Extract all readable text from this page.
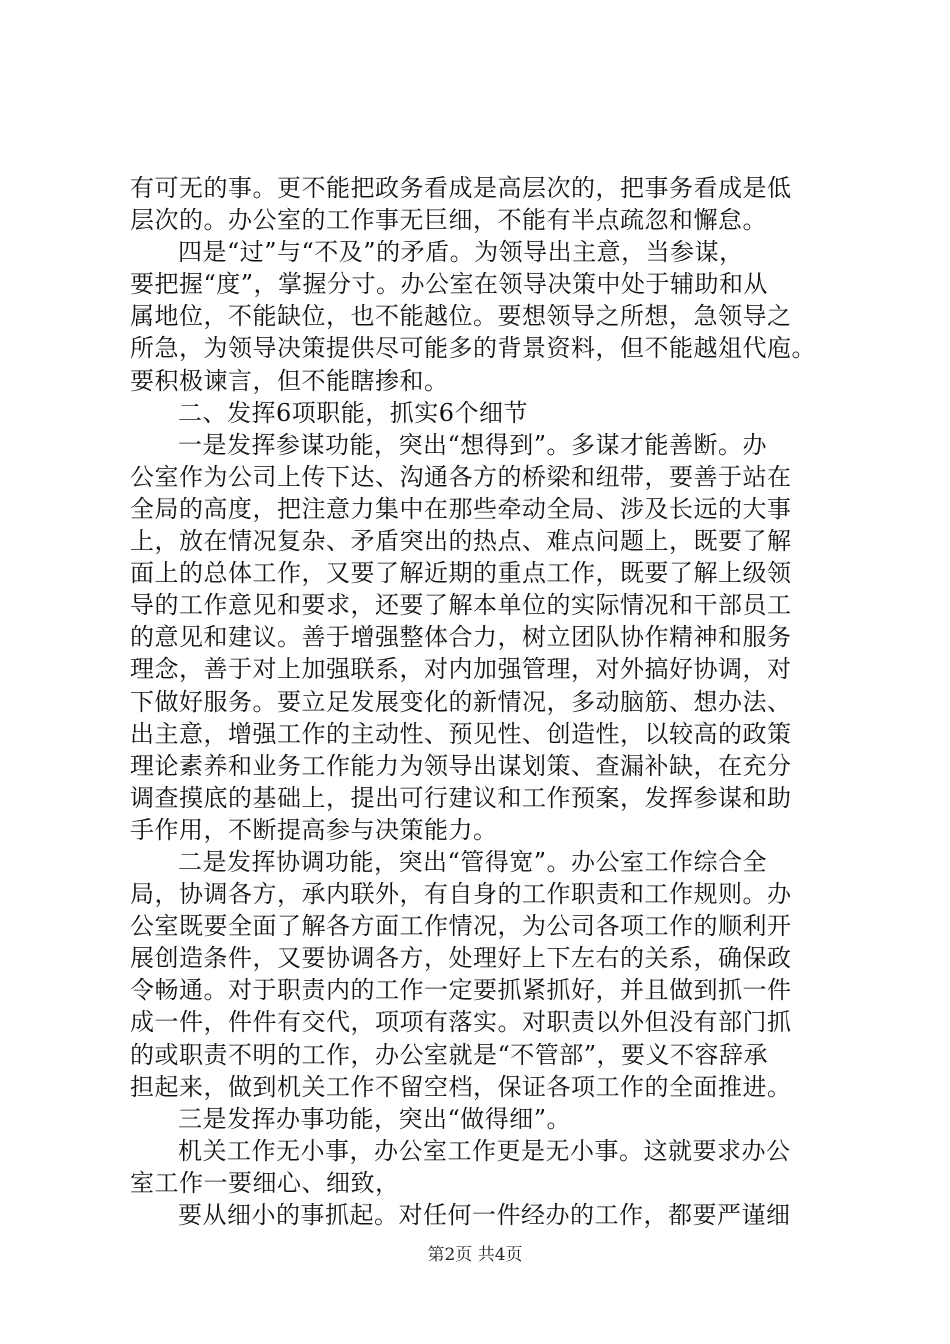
有可无的事。更不能把政务看成是高层次的，把事务看成是低
层次的。办公室的工作事无巨细，不能有半点疏忽和懈怠。
四是“过”与“不及”的矛盾。为领导出主意，当参谋，
要把握“度”，掌握分寸。办公室在领导决策中处于辅助和从
属地位，不能缺位，也不能越位。要想领导之所想，急领导之
所急，为领导决策提供尽可能多的背景资料，但不能越俎代庖。
要积极谏言，但不能瞎掺和。
二、发挥6项职能，抓实6个细节
一是发挥参谋功能，突出“想得到”。多谋才能善断。办
公室作为公司上传下达、沟通各方的桥梁和纽带，要善于站在
全局的高度，把注意力集中在那些牵动全局、涉及长远的大事
上，放在情况复杂、矛盾突出的热点、难点问题上，既要了解
面上的总体工作，又要了解近期的重点工作，既要了解上级领
导的工作意见和要求，还要了解本单位的实际情况和干部员工
的意见和建议。善于增强整体合力，树立团队协作精神和服务
理念，善于对上加强联系，对内加强管理，对外搞好协调，对
下做好服务。要立足发展变化的新情况，多动脑筋、想办法、
出主意，增强工作的主动性、预见性、创造性，以较高的政策
理论素养和业务工作能力为领导出谋划策、查漏补缺，在充分
调查摸底的基础上，提出可行建议和工作预案，发挥参谋和助
手作用，不断提高参与决策能力。
二是发挥协调功能，突出“管得宽”。办公室工作综合全
局，协调各方，承内联外，有自身的工作职责和工作规则。办
公室既要全面了解各方面工作情况，为公司各项工作的顺利开
展创造条件，又要协调各方，处理好上下左右的关系，确保政
令畅通。对于职责内的工作一定要抓紧抓好，并且做到抓一件
成一件，件件有交代，项项有落实。对职责以外但没有部门抓
的或职责不明的工作，办公室就是“不管部”，要义不容辞承
担起来，做到机关工作不留空档，保证各项工作的全面推进。
三是发挥办事功能，突出“做得细”。
机关工作无小事，办公室工作更是无小事。这就要求办公
室工作一要细心、细致，
要从细小的事抓起。对任何一件经办的工作，都要严谨细
第2页 共4页
